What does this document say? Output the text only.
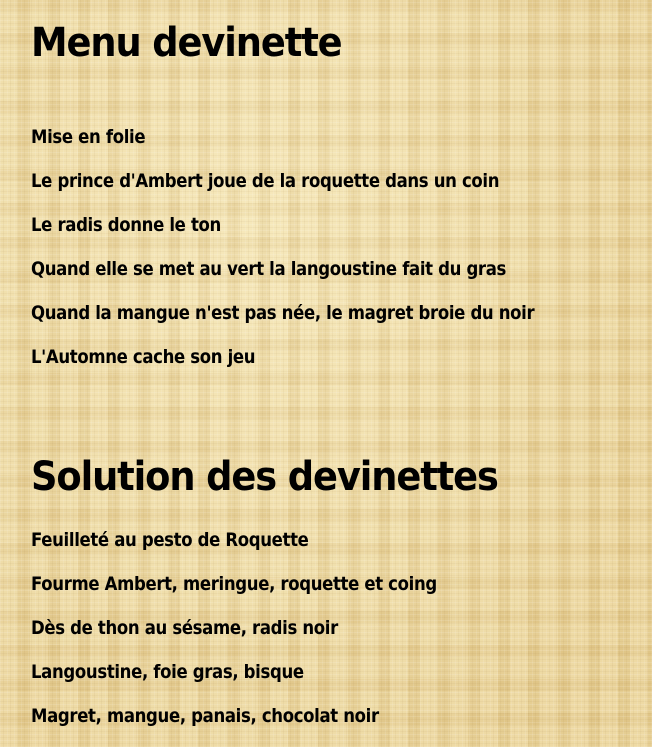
Menu devinette
Mise en folie
Le prince d'Ambert joue de la roquette dans un coin
Le radis donne le ton
Quand elle se met au vert la langoustine fait du gras
Quand la mangue n'est pas née, le magret broie du noir
L'Automne cache son jeu
Solution des devinettes
Feuilleté au pesto de Roquette
Fourme Ambert, meringue, roquette et coing
Dès de thon au sésame, radis noir
Langoustine, foie gras, bisque
Magret, mangue, panais, chocolat noir
